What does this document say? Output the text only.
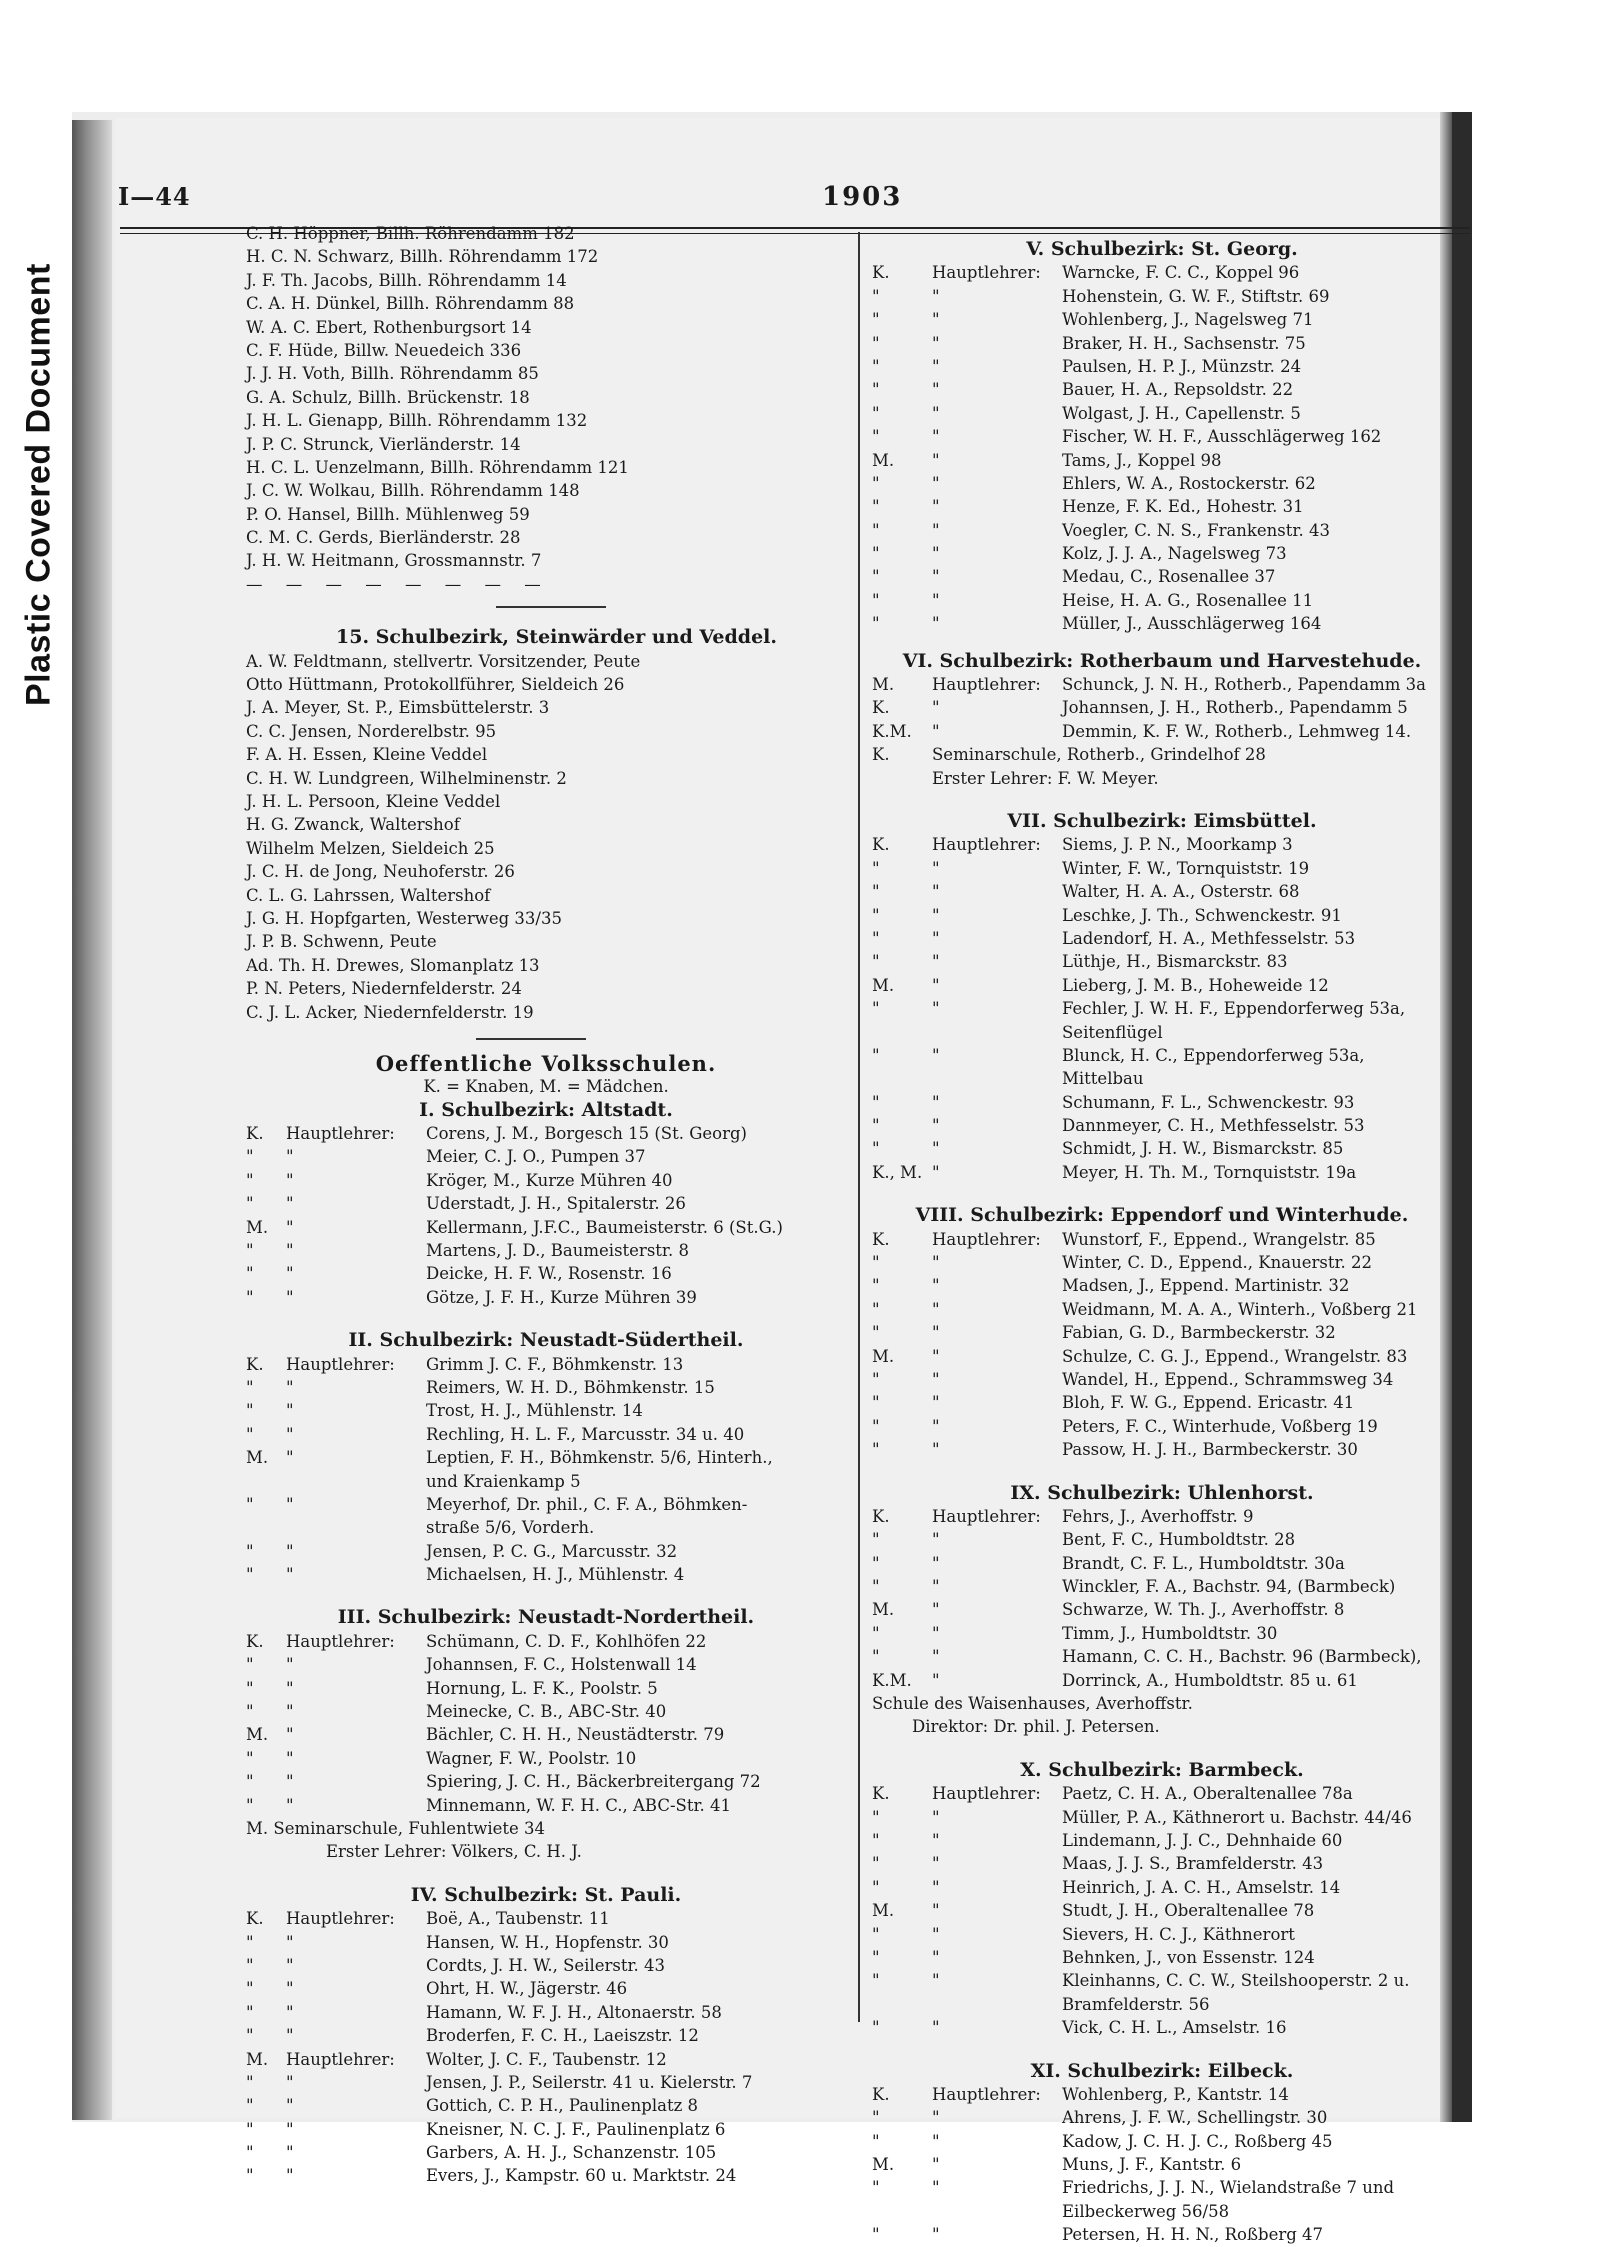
Plastic Covered Document
I—44	1903
C. H. Höppner, Billh. Röhrendamm 182
H. C. N. Schwarz, Billh. Röhrendamm 172
J. F. Th. Jacobs, Billh. Röhrendamm 14
C. A. H. Dünkel, Billh. Röhrendamm 88
W. A. C. Ebert, Rothenburgsort 14
C. F. Hüde, Billw. Neuedeich 336
J. J. H. Voth, Billh. Röhrendamm 85
G. A. Schulz, Billh. Brückenstr. 18
J. H. L. Gienapp, Billh. Röhrendamm 132
J. P. C. Strunck, Vierländerstr. 14
H. C. L. Uenzelmann, Billh. Röhrendamm 121
J. C. W. Wolkau, Billh. Röhrendamm 148
P. O. Hansel, Billh. Mühlenweg 59
C. M. C. Gerds, Bierländerstr. 28
J. H. W. Heitmann, Grossmannstr. 7
— — — — — — — —
15. Schulbezirk, Steinwärder und Veddel.
A. W. Feldtmann, stellvertr. Vorsitzender, Peute
Otto Hüttmann, Protokollführer, Sieldeich 26
J. A. Meyer, St. P., Eimsbüttelerstr. 3
C. C. Jensen, Norderelbstr. 95
F. A. H. Essen, Kleine Veddel
C. H. W. Lundgreen, Wilhelminenstr. 2
J. H. L. Persoon, Kleine Veddel
H. G. Zwanck, Waltershof
Wilhelm Melzen, Sieldeich 25
J. C. H. de Jong, Neuhoferstr. 26
C. L. G. Lahrssen, Waltershof
J. G. H. Hopfgarten, Westerweg 33/35
J. P. B. Schwenn, Peute
Ad. Th. H. Drewes, Slomanplatz 13
P. N. Peters, Niedernfelderstr. 24
C. J. L. Acker, Niedernfelderstr. 19
Oeffentliche Volksschulen.
K. = Knaben, M. = Mädchen.
I. Schulbezirk: Altstadt.
K. Hauptlehrer: Corens, J. M., Borgesch 15 (St. Georg)
" "	Meier, C. J. O., Pumpen 37
" "	Kröger, M., Kurze Mühren 40
" "	Uderstadt, J. H., Spitalerstr. 26
M. "	Kellermann, J.F.C., Baumeisterstr. 6 (St.G.)
" "	Martens, J. D., Baumeisterstr. 8
" "	Deicke, H. F. W., Rosenstr. 16
" "	Götze, J. F. H., Kurze Mühren 39
II. Schulbezirk: Neustadt-Südertheil.
K. Hauptlehrer: Grimm J. C. F., Böhmkenstr. 13
" "	Reimers, W. H. D., Böhmkenstr. 15
" "	Trost, H. J., Mühlenstr. 14
" "	Rechling, H. L. F., Marcusstr. 34 u. 40
M. "	Leptien, F. H., Böhmkenstr. 5/6, Hinterh.,
und Kraienkamp 5
" "	Meyerhof, Dr. phil., C. F. A., Böhmken-
straße 5/6, Vorderh.
" "	Jensen, P. C. G., Marcusstr. 32
" "	Michaelsen, H. J., Mühlenstr. 4
III. Schulbezirk: Neustadt-Nordertheil.
K. Hauptlehrer: Schümann, C. D. F., Kohlhöfen 22
" "	Johannsen, F. C., Holstenwall 14
" "	Hornung, L. F. K., Poolstr. 5
" "	Meinecke, C. B., ABC-Str. 40
M. "	Bächler, C. H. H., Neustädterstr. 79
" "	Wagner, F. W., Poolstr. 10
" "	Spiering, J. C. H., Bäckerbreitergang 72
" "	Minnemann, W. F. H. C., ABC-Str. 41
M. Seminarschule, Fuhlentwiete 34
Erster Lehrer: Völkers, C. H. J.
IV. Schulbezirk: St. Pauli.
K. Hauptlehrer: Boë, A., Taubenstr. 11
" "	Hansen, W. H., Hopfenstr. 30
" "	Cordts, J. H. W., Seilerstr. 43
" "	Ohrt, H. W., Jägerstr. 46
" "	Hamann, W. F. J. H., Altonaerstr. 58
" "	Broderfen, F. C. H., Laeiszstr. 12
M. Hauptlehrer: Wolter, J. C. F., Taubenstr. 12
" "	Jensen, J. P., Seilerstr. 41 u. Kielerstr. 7
" "	Gottich, C. P. H., Paulinenplatz 8
" "	Kneisner, N. C. J. F., Paulinenplatz 6
" "	Garbers, A. H. J., Schanzenstr. 105
" "	Evers, J., Kampstr. 60 u. Marktstr. 24
V. Schulbezirk: St. Georg.
K.	Hauptlehrer: Warncke, F. C. C., Koppel 96
"	"	Hohenstein, G. W. F., Stiftstr. 69
"	"	Wohlenberg, J., Nagelsweg 71
"	"	Braker, H. H., Sachsenstr. 75
"	"	Paulsen, H. P. J., Münzstr. 24
"	"	Bauer, H. A., Repsoldstr. 22
"	"	Wolgast, J. H., Capellenstr. 5
"	"	Fischer, W. H. F., Ausschlägerweg 162
M. "	Tams, J., Koppel 98
"	"	Ehlers, W. A., Rostockerstr. 62
"	"	Henze, F. K. Ed., Hohestr. 31
"	"	Voegler, C. N. S., Frankenstr. 43
"	"	Kolz, J. J. A., Nagelsweg 73
"	"	Medau, C., Rosenallee 37
"	"	Heise, H. A. G., Rosenallee 11
"	"	Müller, J., Ausschlägerweg 164
VI. Schulbezirk: Rotherbaum und Harvestehude.
M. Hauptlehrer: Schunck, J. N. H., Rotherb., Papendamm 3a
K.	"	Johannsen, J. H., Rotherb., Papendamm 5
K.M. "	Demmin, K. F. W., Rotherb., Lehmweg 14.
K.	Seminarschule, Rotherb., Grindelhof 28
Erster Lehrer: F. W. Meyer.
VII. Schulbezirk: Eimsbüttel.
K.	Hauptlehrer: Siems, J. P. N., Moorkamp 3
"	"	Winter, F. W., Tornquiststr. 19
"	"	Walter, H. A. A., Osterstr. 68
"	"	Leschke, J. Th., Schwenckestr. 91
"	"	Ladendorf, H. A., Methfesselstr. 53
"	"	Lüthje, H., Bismarckstr. 83
M. "	Lieberg, J. M. B., Hoheweide 12
"	"	Fechler, J. W. H. F., Eppendorferweg 53a,
Seitenflügel
"	"	Blunck, H. C., Eppendorferweg 53a,
Mittelbau
"	"	Schumann, F. L., Schwenckestr. 93
"	"	Dannmeyer, C. H., Methfesselstr. 53
"	"	Schmidt, J. H. W., Bismarckstr. 85
K., M. "	Meyer, H. Th. M., Tornquiststr. 19a
VIII. Schulbezirk: Eppendorf und Winterhude.
K.	Hauptlehrer: Wunstorf, F., Eppend., Wrangelstr. 85
"	"	Winter, C. D., Eppend., Knauerstr. 22
"	"	Madsen, J., Eppend. Martinistr. 32
"	"	Weidmann, M. A. A., Winterh., Voßberg 21
"	"	Fabian, G. D., Barmbeckerstr. 32
M. "	Schulze, C. G. J., Eppend., Wrangelstr. 83
"	"	Wandel, H., Eppend., Schrammsweg 34
"	"	Bloh, F. W. G., Eppend. Ericastr. 41
"	"	Peters, F. C., Winterhude, Voßberg 19
"	"	Passow, H. J. H., Barmbeckerstr. 30
IX. Schulbezirk: Uhlenhorst.
K.	Hauptlehrer: Fehrs, J., Averhoffstr. 9
"	"	Bent, F. C., Humboldtstr. 28
"	"	Brandt, C. F. L., Humboldtstr. 30a
"	"	Winckler, F. A., Bachstr. 94, (Barmbeck)
M. "	Schwarze, W. Th. J., Averhoffstr. 8
"	"	Timm, J., Humboldtstr. 30
"	"	Hamann, C. C. H., Bachstr. 96 (Barmbeck),
K.M. "	Dorrinck, A., Humboldtstr. 85 u. 61
Schule des Waisenhauses, Averhoffstr.
Direktor: Dr. phil. J. Petersen.
X. Schulbezirk: Barmbeck.
K.	Hauptlehrer: Paetz, C. H. A., Oberaltenallee 78a
"	"	Müller, P. A., Käthnerort u. Bachstr. 44/46
"	"	Lindemann, J. J. C., Dehnhaide 60
"	"	Maas, J. J. S., Bramfelderstr. 43
"	"	Heinrich, J. A. C. H., Amselstr. 14
M. "	Studt, J. H., Oberaltenallee 78
"	"	Sievers, H. C. J., Käthnerort
"	"	Behnken, J., von Essenstr. 124
"	"	Kleinhanns, C. C. W., Steilshooperstr. 2 u.
Bramfelderstr. 56
"	"	Vick, C. H. L., Amselstr. 16
XI. Schulbezirk: Eilbeck.
K.	Hauptlehrer: Wohlenberg, P., Kantstr. 14
"	"	Ahrens, J. F. W., Schellingstr. 30
"	"	Kadow, J. C. H. J. C., Roßberg 45
M. "	Muns, J. F., Kantstr. 6
"	"	Friedrichs, J. J. N., Wielandstraße 7 und
Eilbeckerweg 56/58
"	"	Petersen, H. H. N., Roßberg 47
